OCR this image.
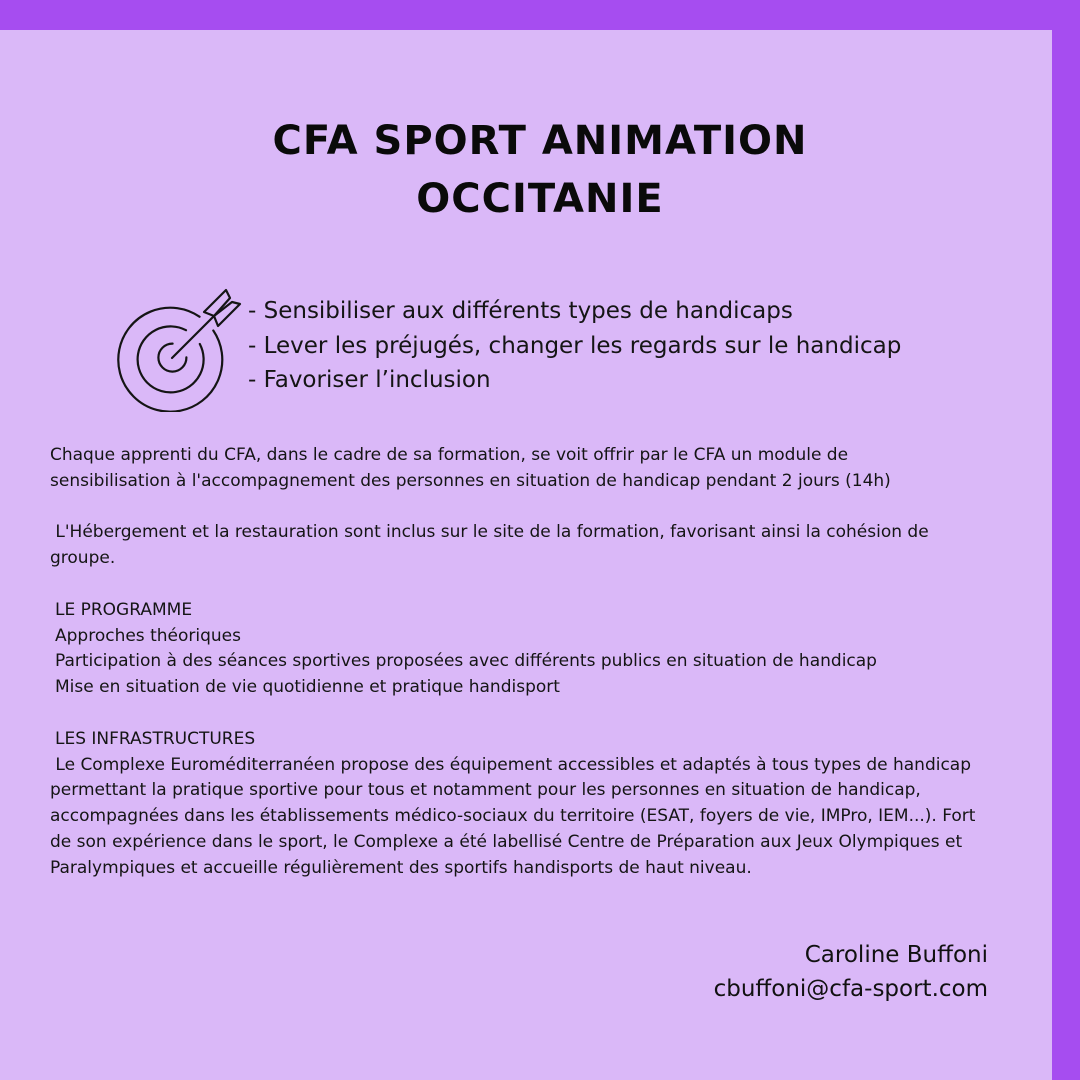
CFA SPORT ANIMATION
OCCITANIE
- Sensibiliser aux différents types de handicaps
- Lever les préjugés, changer les regards sur le handicap
- Favoriser l’inclusion
Chaque apprenti du CFA, dans le cadre de sa formation, se voit offrir par le CFA un module de
sensibilisation à l'accompagnement des personnes en situation de handicap pendant 2 jours (14h)
L'Hébergement et la restauration sont inclus sur le site de la formation, favorisant ainsi la cohésion de
groupe.
LE PROGRAMME
Approches théoriques
Participation à des séances sportives proposées avec différents publics en situation de handicap
Mise en situation de vie quotidienne et pratique handisport
LES INFRASTRUCTURES
Le Complexe Euroméditerranéen propose des équipement accessibles et adaptés à tous types de handicap
permettant la pratique sportive pour tous et notamment pour les personnes en situation de handicap,
accompagnées dans les établissements médico-sociaux du territoire (ESAT, foyers de vie, IMPro, IEM...). Fort
de son expérience dans le sport, le Complexe a été labellisé Centre de Préparation aux Jeux Olympiques et
Paralympiques et accueille régulièrement des sportifs handisports de haut niveau.
Caroline Buffoni
cbuffoni@cfa-sport.com
